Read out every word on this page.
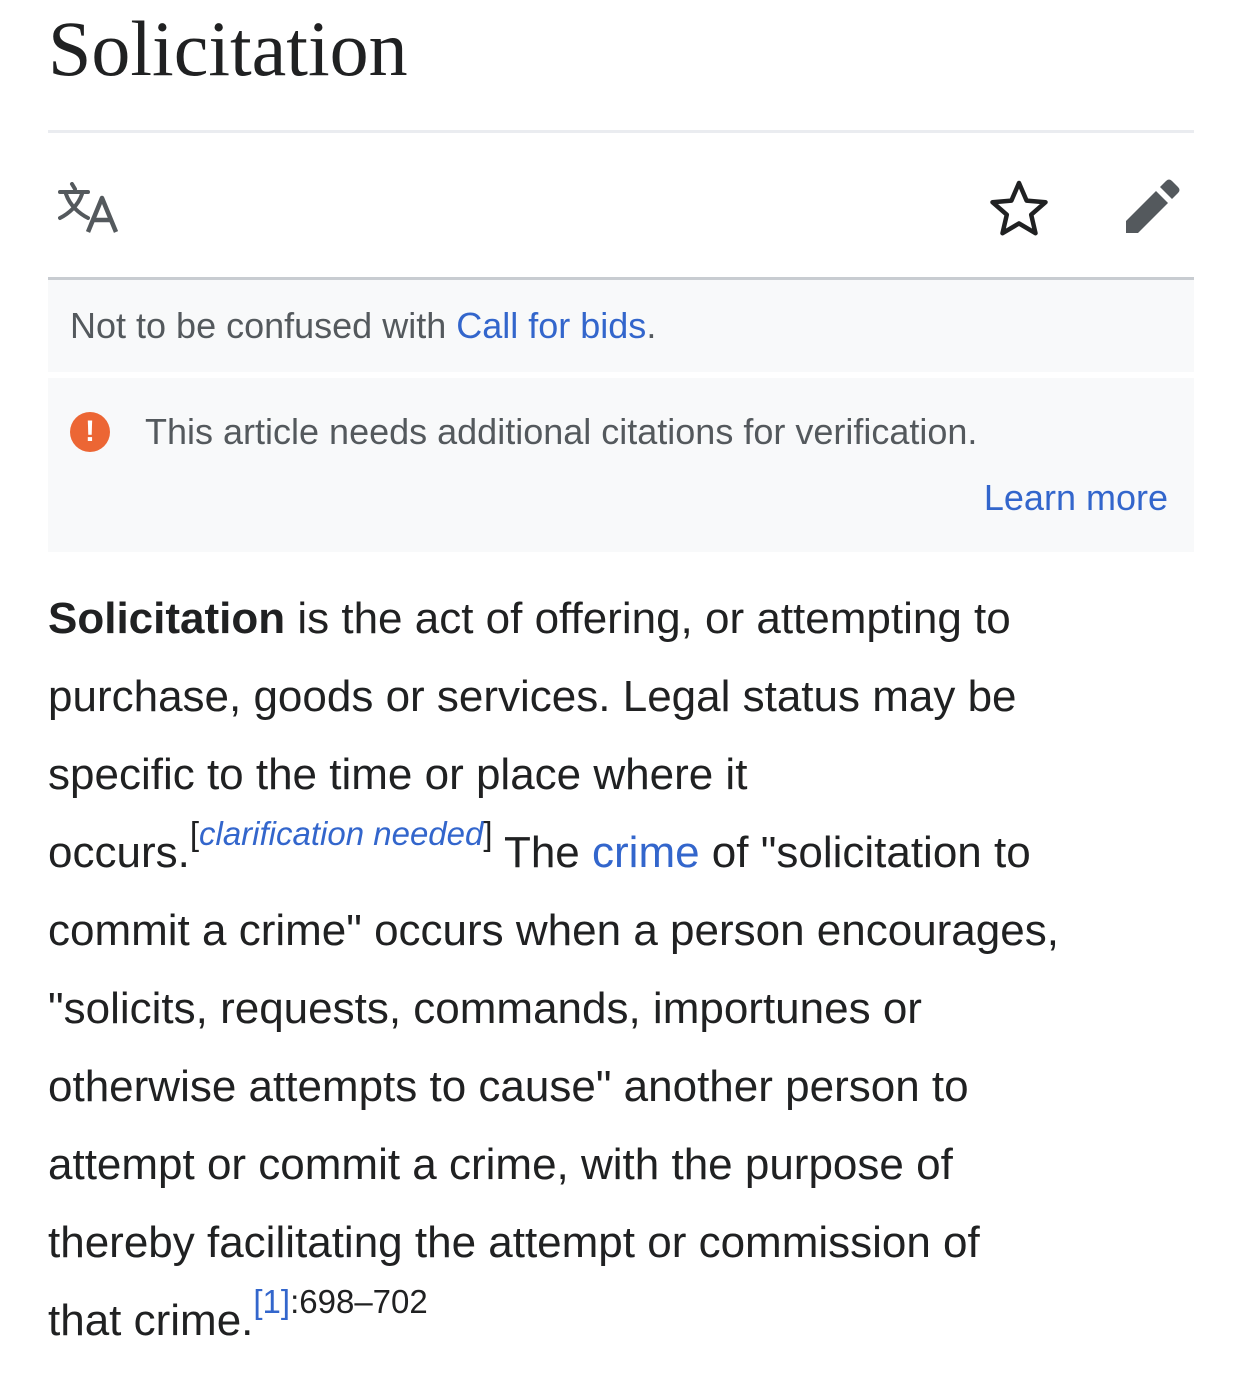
Solicitation
Not to be confused with Call for bids.
! This article needs additional citations for verification.
Learn more

Solicitation is the act of offering, or attempting to
purchase, goods or services. Legal status may be
specific to the time or place where it
occurs.[clarification needed] The crime of "solicitation to
commit a crime" occurs when a person encourages,
"solicits, requests, commands, importunes or
otherwise attempts to cause" another person to
attempt or commit a crime, with the purpose of
thereby facilitating the attempt or commission of
that crime.$^{[1]:698-702}$
